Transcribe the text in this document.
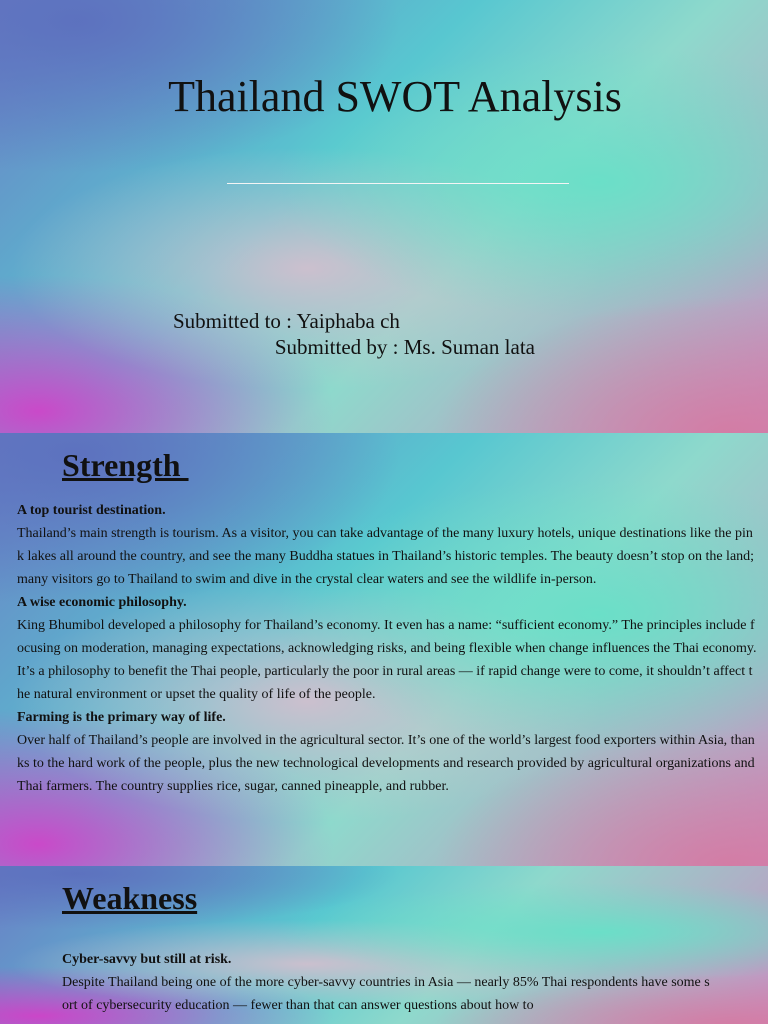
Thailand SWOT Analysis
Submitted to : Yaiphaba ch
Submitted by : Ms. Suman lata
Strength
A top tourist destination.
Thailand’s main strength is tourism. As a visitor, you can take advantage of the many luxury hotels, unique destinations like the pink lakes all around the country, and see the many Buddha statues in Thailand’s historic temples. The beauty doesn’t stop on the land; many visitors go to Thailand to swim and dive in the crystal clear waters and see the wildlife in-person.
A wise economic philosophy.
King Bhumibol developed a philosophy for Thailand’s economy. It even has a name: “sufficient economy.” The principles include focusing on moderation, managing expectations, acknowledging risks, and being flexible when change influences the Thai economy. It’s a philosophy to benefit the Thai people, particularly the poor in rural areas — if rapid change were to come, it shouldn’t affect the natural environment or upset the quality of life of the people.
Farming is the primary way of life.
Over half of Thailand’s people are involved in the agricultural sector. It’s one of the world’s largest food exporters within Asia, thanks to the hard work of the people, plus the new technological developments and research provided by agricultural organizations and Thai farmers. The country supplies rice, sugar, canned pineapple, and rubber.
Weakness
Cyber-savvy but still at risk.
Despite Thailand being one of the more cyber-savvy countries in Asia — nearly 85% Thai respondents have some sort of cybersecurity education — fewer than that can answer questions about how to
